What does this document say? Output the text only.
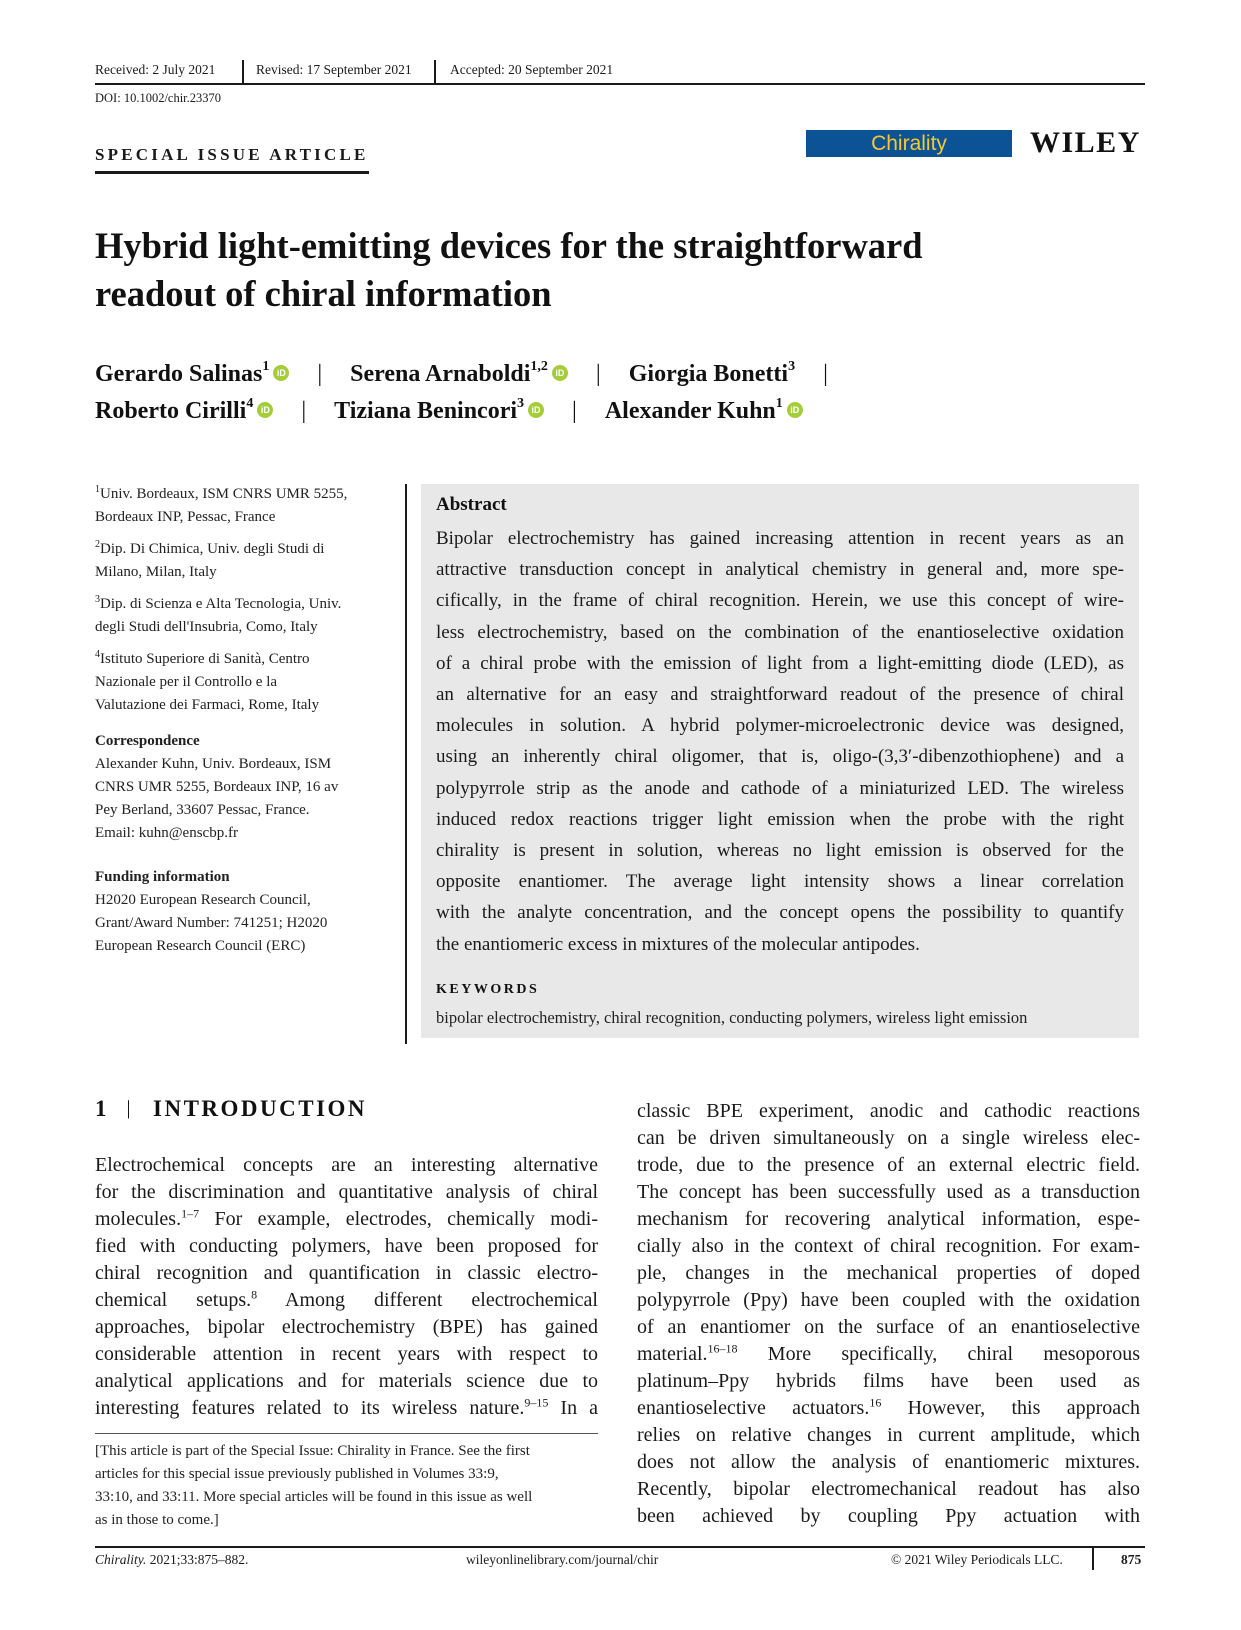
Received: 2 July 2021	Revised: 17 September 2021	Accepted: 20 September 2021
DOI: 10.1002/chir.23370
SPECIAL ISSUE ARTICLE	Chirality	WILEY
Hybrid light-emitting devices for the straightforward
readout of chiral information
Gerardo Salinas$^1$ iD | Serena Arnaboldi$^{1,2}$ iD | Giorgia Bonetti$^3$ |
Roberto Cirilli$^4$ iD | Tiziana Benincori$^3$ iD | Alexander Kuhn$^1$ iD
$^1$Univ. Bordeaux, ISM CNRS UMR 5255,
Bordeaux INP, Pessac, France
$^2$Dip. Di Chimica, Univ. degli Studi di
Milano, Milan, Italy
$^3$Dip. di Scienza e Alta Tecnologia, Univ.
degli Studi dell'Insubria, Como, Italy
$^4$Istituto Superiore di Sanità, Centro
Nazionale per il Controllo e la
Valutazione dei Farmaci, Rome, Italy
Correspondence
Alexander Kuhn, Univ. Bordeaux, ISM
CNRS UMR 5255, Bordeaux INP, 16 av
Pey Berland, 33607 Pessac, France.
Email: kuhn@enscbp.fr
Funding information
H2020 European Research Council,
Grant/Award Number: 741251; H2020
European Research Council (ERC)
Abstract
Bipolar electrochemistry has gained increasing attention in recent years as an
attractive transduction concept in analytical chemistry in general and, more spe-
cifically, in the frame of chiral recognition. Herein, we use this concept of wire-
less electrochemistry, based on the combination of the enantioselective oxidation
of a chiral probe with the emission of light from a light-emitting diode (LED), as
an alternative for an easy and straightforward readout of the presence of chiral
molecules in solution. A hybrid polymer-microelectronic device was designed,
using an inherently chiral oligomer, that is, oligo-(3,3′-dibenzothiophene) and a
polypyrrole strip as the anode and cathode of a miniaturized LED. The wireless
induced redox reactions trigger light emission when the probe with the right
chirality is present in solution, whereas no light emission is observed for the
opposite enantiomer. The average light intensity shows a linear correlation
with the analyte concentration, and the concept opens the possibility to quantify
the enantiomeric excess in mixtures of the molecular antipodes.
KEYWORDS
bipolar electrochemistry, chiral recognition, conducting polymers, wireless light emission
1 | INTRODUCTION
Electrochemical concepts are an interesting alternative
for the discrimination and quantitative analysis of chiral
molecules.$^{1-7}$ For example, electrodes, chemically modi-
fied with conducting polymers, have been proposed for
chiral recognition and quantification in classic electro-
chemical setups.$^8$ Among different electrochemical
approaches, bipolar electrochemistry (BPE) has gained
considerable attention in recent years with respect to
analytical applications and for materials science due to
interesting features related to its wireless nature.$^{9-15}$ In a
classic BPE experiment, anodic and cathodic reactions
can be driven simultaneously on a single wireless elec-
trode, due to the presence of an external electric field.
The concept has been successfully used as a transduction
mechanism for recovering analytical information, espe-
cially also in the context of chiral recognition. For exam-
ple, changes in the mechanical properties of doped
polypyrrole (Ppy) have been coupled with the oxidation
of an enantiomer on the surface of an enantioselective
material.$^{16-18}$ More specifically, chiral mesoporous
platinum–Ppy hybrids films have been used as
enantioselective actuators.$^{16}$ However, this approach
relies on relative changes in current amplitude, which
does not allow the analysis of enantiomeric mixtures.
Recently, bipolar electromechanical readout has also
been achieved by coupling Ppy actuation with
[This article is part of the Special Issue: Chirality in France. See the first
articles for this special issue previously published in Volumes 33:9,
33:10, and 33:11. More special articles will be found in this issue as well
as in those to come.]
Chirality. 2021;33:875–882.	wileyonlinelibrary.com/journal/chir	© 2021 Wiley Periodicals LLC.	875
